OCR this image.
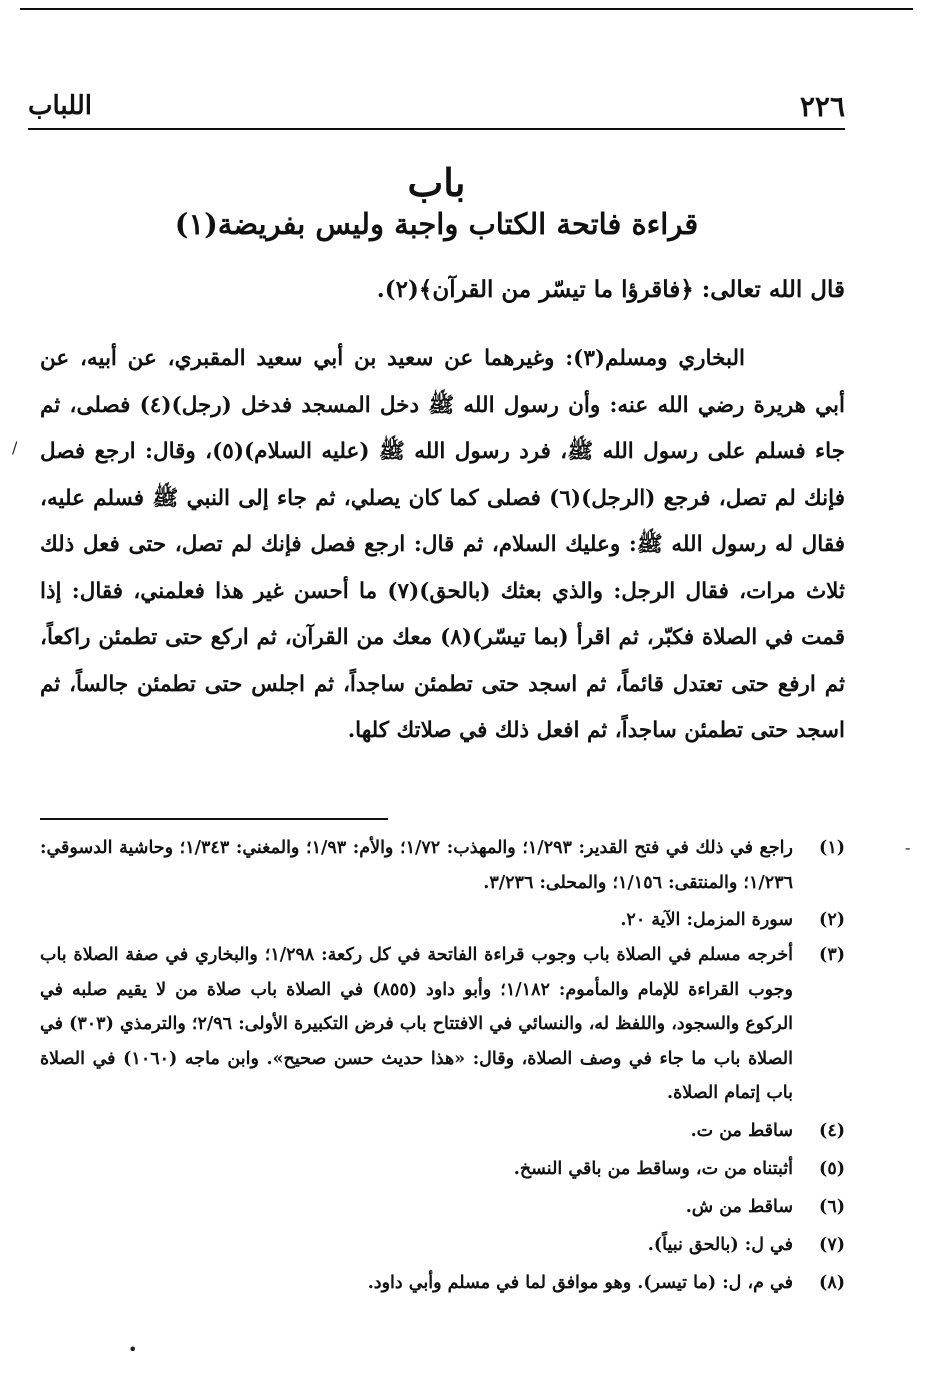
٢٢٦
اللباب
باب
قراءة فاتحة الكتاب واجبة وليس بفريضة(١)
قال الله تعالى: ﴿فاقرؤا ما تيسّر من القرآن﴾(٢).

البخاري ومسلم(٣): وغيرهما عن سعيد بن أبي سعيد المقبري، عن أبيه، عن أبي هريرة رضي الله عنه: وأن رسول الله ﷺ دخل المسجد فدخل (رجل)(٤) فصلى، ثم جاء فسلم على رسول الله ﷺ، فرد رسول الله ﷺ (عليه السلام)(٥)، وقال: ارجع فصل فإنك لم تصل، فرجع (الرجل)(٦) فصلى كما كان يصلي، ثم جاء إلى النبي ﷺ فسلم عليه، فقال له رسول الله ﷺ: وعليك السلام، ثم قال: ارجع فصل فإنك لم تصل، حتى فعل ذلك ثلاث مرات، فقال الرجل: والذي بعثك (بالحق)(٧) ما أحسن غير هذا فعلمني، فقال: إذا قمت في الصلاة فكبّر، ثم اقرأ (بما تيسّر)(٨) معك من القرآن، ثم اركع حتى تطمئن راكعاً، ثم ارفع حتى تعتدل قائماً، ثم اسجد حتى تطمئن ساجداً، ثم اجلس حتى تطمئن جالساً، ثم اسجد حتى تطمئن ساجداً، ثم افعل ذلك في صلاتك كلها.

(١)
راجع في ذلك في فتح القدير: ١/٢٩٣؛ والمهذب: ١/٧٢؛ والأم: ١/٩٣؛ والمغني: ١/٣٤٣؛ وحاشية الدسوقي: ١/٢٣٦؛ والمنتقى: ١/١٥٦؛ والمحلى: ٣/٢٣٦.
(٢)
سورة المزمل: الآية ٢٠.
(٣)
أخرجه مسلم في الصلاة باب وجوب قراءة الفاتحة في كل ركعة: ١/٢٩٨؛ والبخاري في صفة الصلاة باب وجوب القراءة للإمام والمأموم: ١/١٨٢؛ وأبو داود (٨٥٥) في الصلاة باب صلاة من لا يقيم صلبه في الركوع والسجود، واللفظ له، والنسائي في الافتتاح باب فرض التكبيرة الأولى: ٢/٩٦؛ والترمذي (٣٠٣) في الصلاة باب ما جاء في وصف الصلاة، وقال: «هذا حديث حسن صحيح». وابن ماجه (١٠٦٠) في الصلاة باب إتمام الصلاة.
(٤)
ساقط من ت.
(٥)
أثبتناه من ت، وساقط من باقي النسخ.
(٦)
ساقط من ش.
(٧)
في ل: (بالحق نبياً).
(٨)
في م، ل: (ما تيسر). وهو موافق لما في مسلم وأبي داود.
/
-
•
